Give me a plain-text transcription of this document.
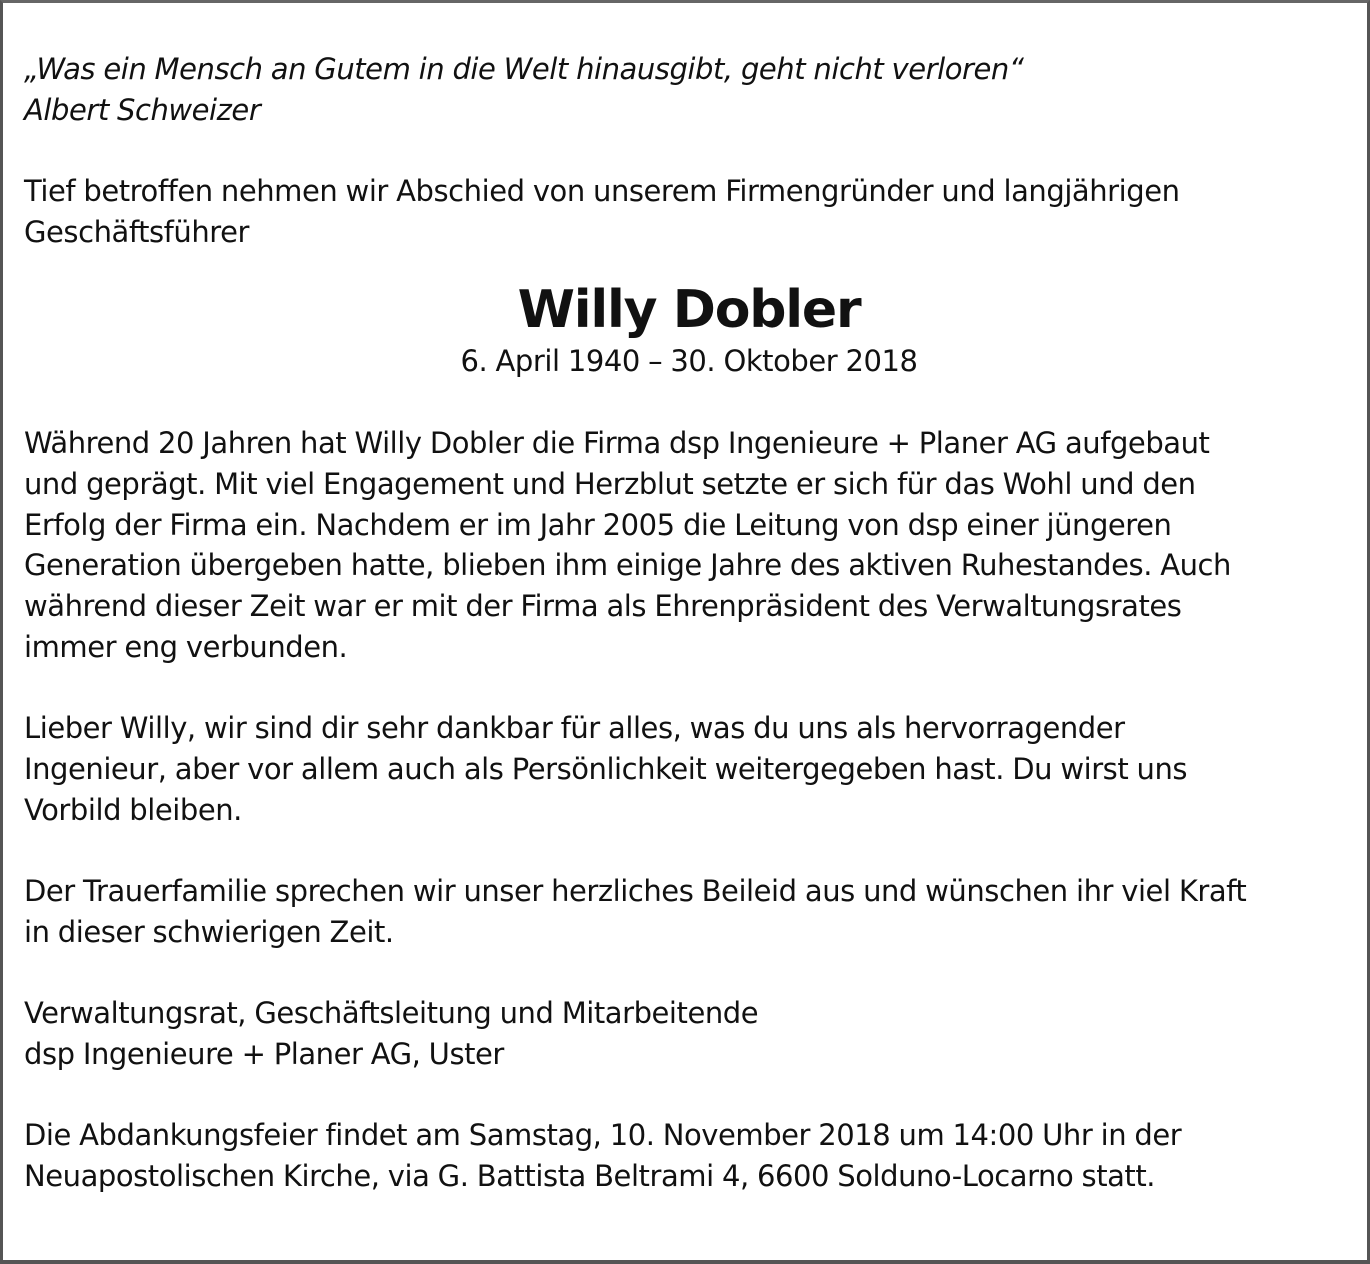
„Was ein Mensch an Gutem in die Welt hinausgibt, geht nicht verloren“
Albert Schweizer

Tief betroffen nehmen wir Abschied von unserem Firmengründer und langjährigen
Geschäftsführer

Willy Dobler

6. April 1940 – 30. Oktober 2018

Während 20 Jahren hat Willy Dobler die Firma dsp Ingenieure + Planer AG aufgebaut
und geprägt. Mit viel Engagement und Herzblut setzte er sich für das Wohl und den
Erfolg der Firma ein. Nachdem er im Jahr 2005 die Leitung von dsp einer jüngeren
Generation übergeben hatte, blieben ihm einige Jahre des aktiven Ruhestandes. Auch
während dieser Zeit war er mit der Firma als Ehrenpräsident des Verwaltungsrates
immer eng verbunden.

Lieber Willy, wir sind dir sehr dankbar für alles, was du uns als hervorragender
Ingenieur, aber vor allem auch als Persönlichkeit weitergegeben hast. Du wirst uns
Vorbild bleiben.

Der Trauerfamilie sprechen wir unser herzliches Beileid aus und wünschen ihr viel Kraft
in dieser schwierigen Zeit.

Verwaltungsrat, Geschäftsleitung und Mitarbeitende
dsp Ingenieure + Planer AG, Uster

Die Abdankungsfeier findet am Samstag, 10. November 2018 um 14:00 Uhr in der
Neuapostolischen Kirche, via G. Battista Beltrami 4, 6600 Solduno-Locarno statt.
